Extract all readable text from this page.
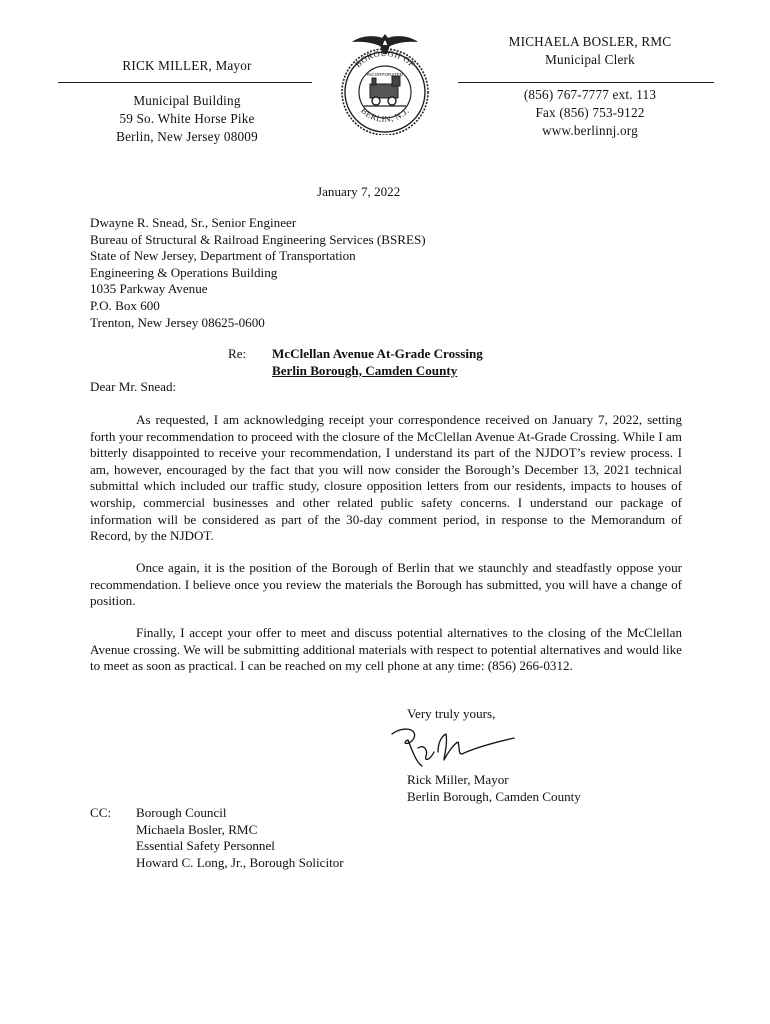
RICK MILLER, Mayor
Municipal Building
59 So. White Horse Pike
Berlin, New Jersey 08009
MICHAELA BOSLER, RMC
Municipal Clerk
(856) 767-7777 ext. 113
Fax (856) 753-9122
www.berlinnj.org
BOROUGH OF
BERLIN, N.J.
INCORPORATED
January 7, 2022
Dwayne R. Snead, Sr., Senior Engineer
Bureau of Structural & Railroad Engineering Services (BSRES)
State of New Jersey, Department of Transportation
Engineering & Operations Building
1035 Parkway Avenue
P.O. Box 600
Trenton, New Jersey 08625-0600
Re: McClellan Avenue At-Grade Crossing
Berlin Borough, Camden County
Dear Mr. Snead:

As requested, I am acknowledging receipt your correspondence received on January 7, 2022, setting forth your recommendation to proceed with the closure of the McClellan Avenue At-Grade Crossing. While I am bitterly disappointed to receive your recommendation, I understand its part of the NJDOT’s review process. I am, however, encouraged by the fact that you will now consider the Borough’s December 13, 2021 technical submittal which included our traffic study, closure opposition letters from our residents, impacts to houses of worship, commercial businesses and other related public safety concerns. I understand our package of information will be considered as part of the 30-day comment period, in response to the Memorandum of Record, by the NJDOT.

Once again, it is the position of the Borough of Berlin that we staunchly and steadfastly oppose your recommendation. I believe once you review the materials the Borough has submitted, you will have a change of position.

Finally, I accept your offer to meet and discuss potential alternatives to the closing of the McClellan Avenue crossing. We will be submitting additional materials with respect to potential alternatives and would like to meet as soon as practical. I can be reached on my cell phone at any time: (856) 266-0312.

Very truly yours,
Rick Miller, Mayor
Berlin Borough, Camden County
CC: Borough Council
Michaela Bosler, RMC
Essential Safety Personnel
Howard C. Long, Jr., Borough Solicitor
